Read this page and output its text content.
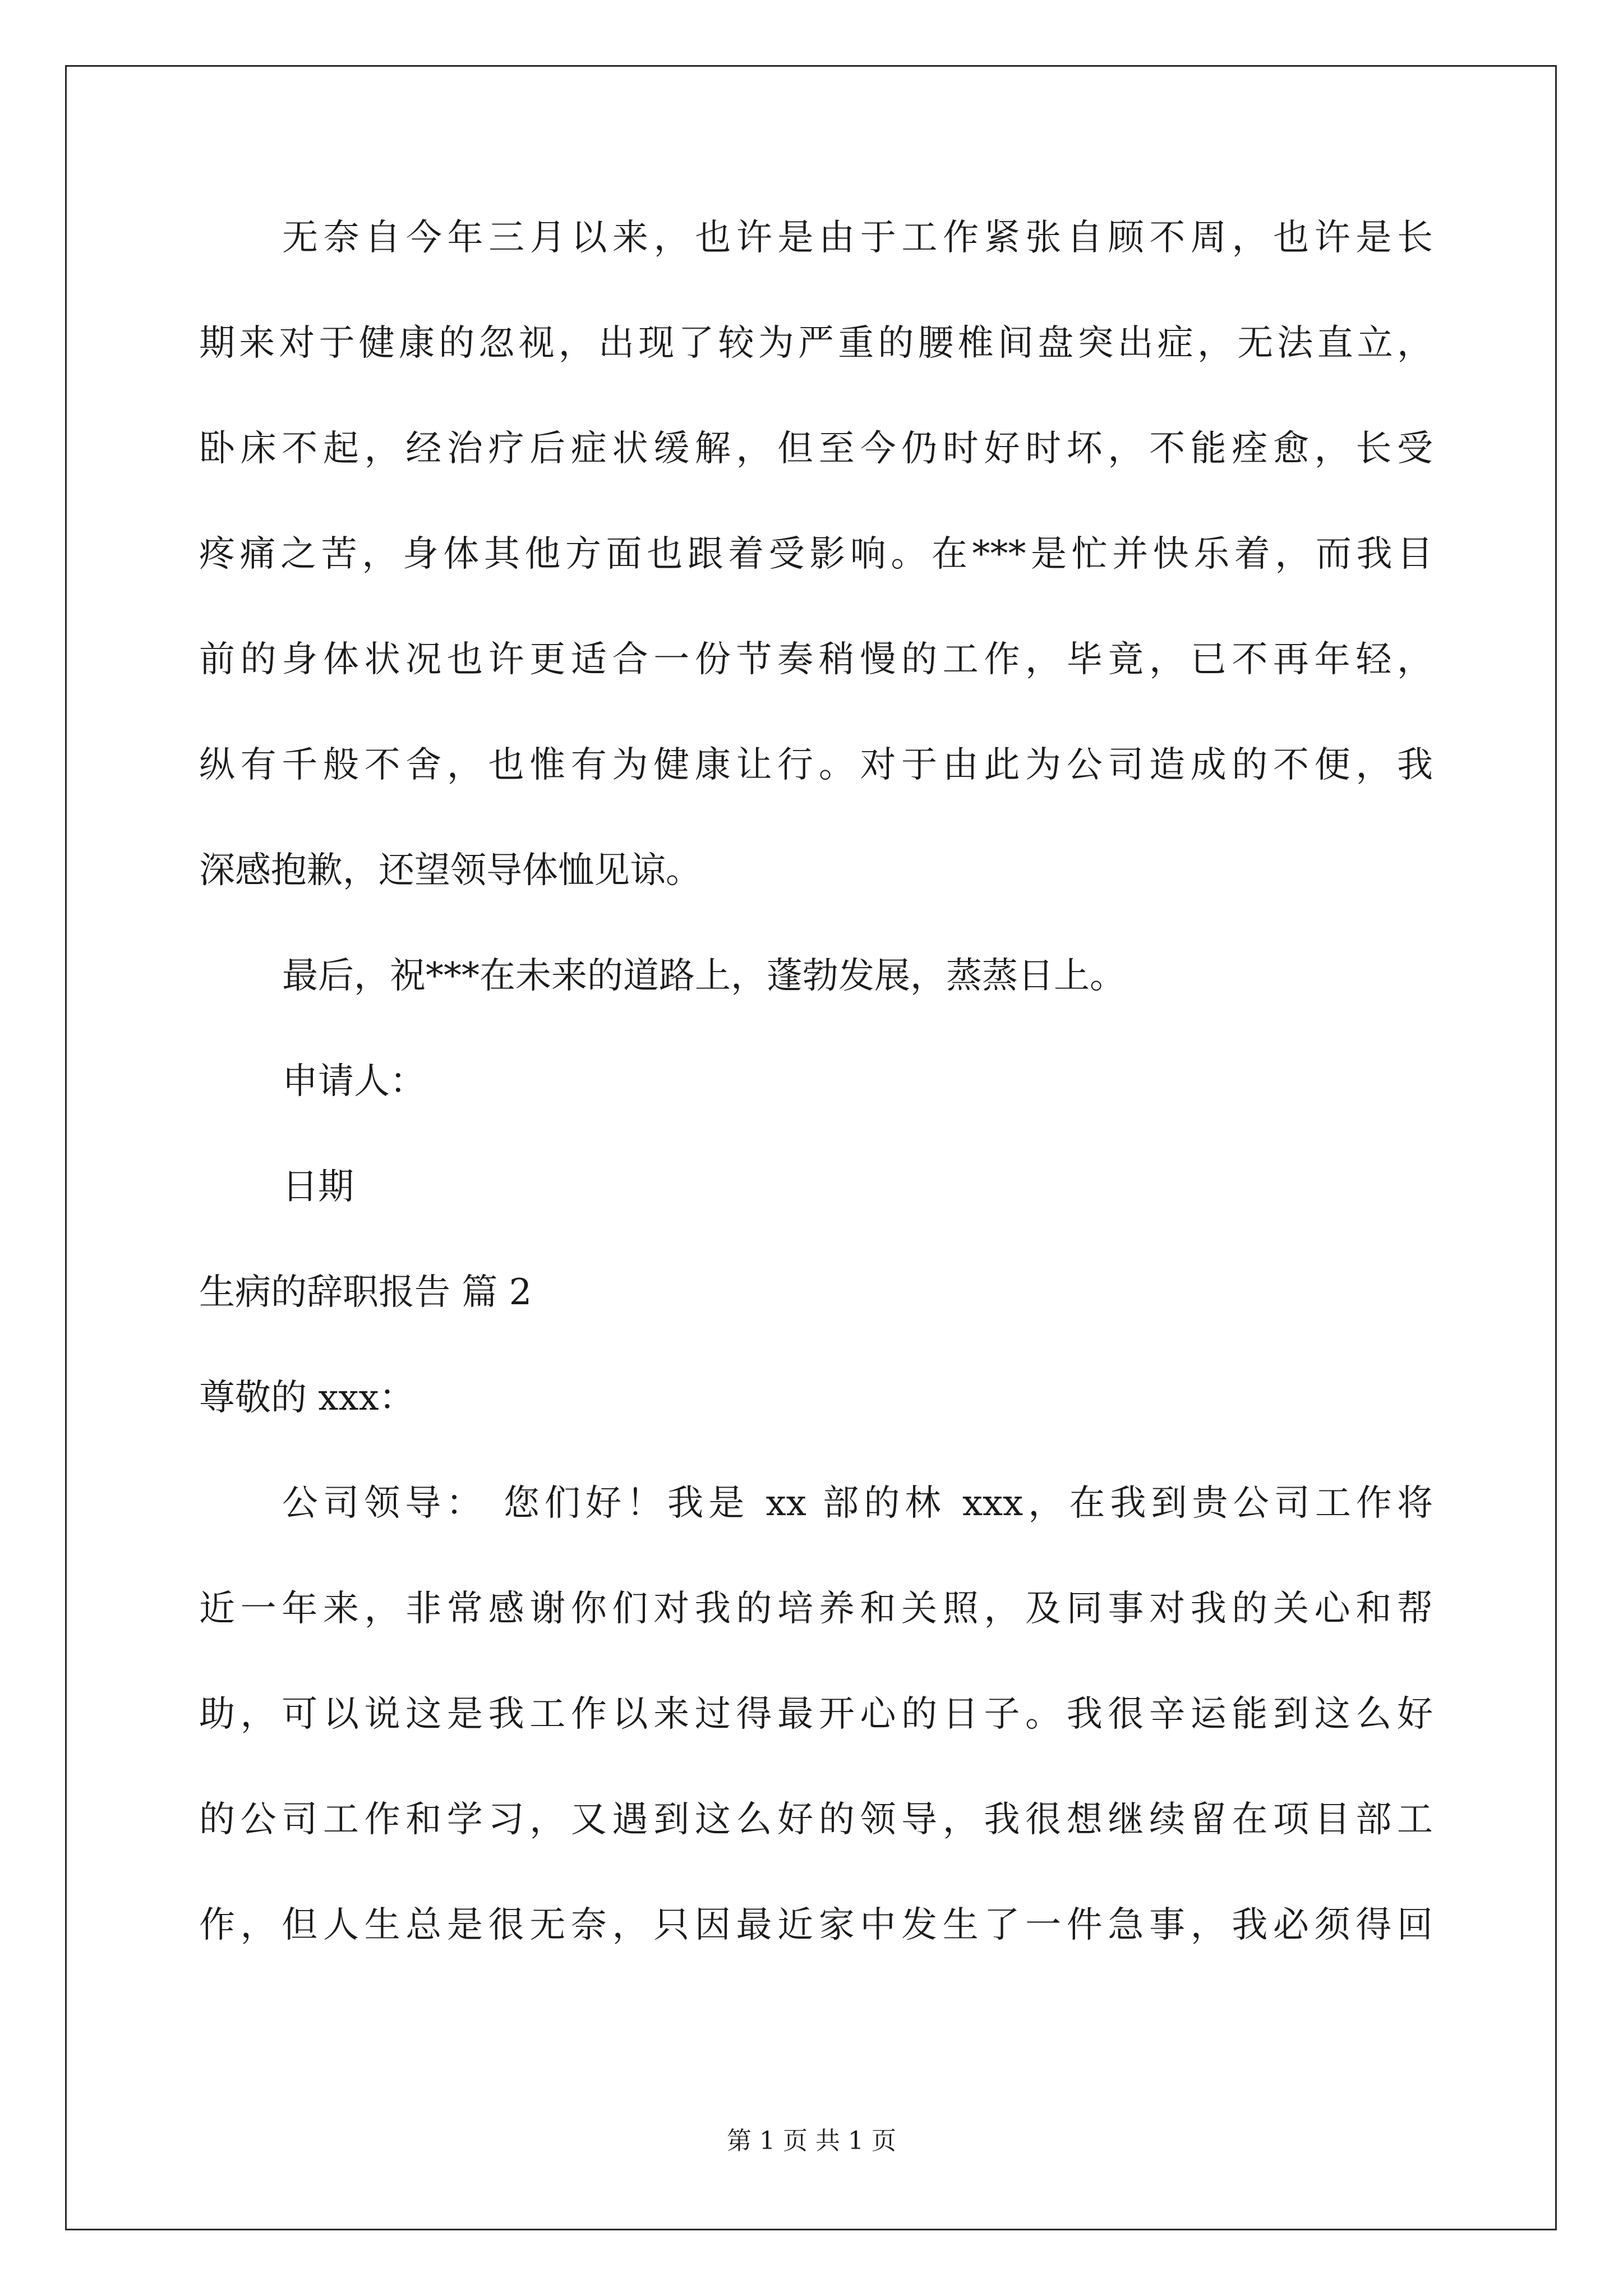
无奈自今年三月以来，也许是由于工作紧张自顾不周，也许是长
期来对于健康的忽视，出现了较为严重的腰椎间盘突出症，无法直立，
卧床不起，经治疗后症状缓解，但至今仍时好时坏，不能痊愈，长受
疼痛之苦，身体其他方面也跟着受影响。在***是忙并快乐着，而我目
前的身体状况也许更适合一份节奏稍慢的工作，毕竟，已不再年轻，
纵有千般不舍，也惟有为健康让行。对于由此为公司造成的不便，我
深感抱歉，还望领导体恤见谅。
最后，祝***在未来的道路上，蓬勃发展，蒸蒸日上。
申请人：
日期
生病的辞职报告 篇 2
尊敬的 xxx：
公司领导： 您们好！我是 xx 部的林 xxx，在我到贵公司工作将
近一年来，非常感谢你们对我的培养和关照，及同事对我的关心和帮
助，可以说这是我工作以来过得最开心的日子。我很辛运能到这么好
的公司工作和学习，又遇到这么好的领导，我很想继续留在项目部工
作，但人生总是很无奈，只因最近家中发生了一件急事，我必须得回
第 1 页 共 1 页
